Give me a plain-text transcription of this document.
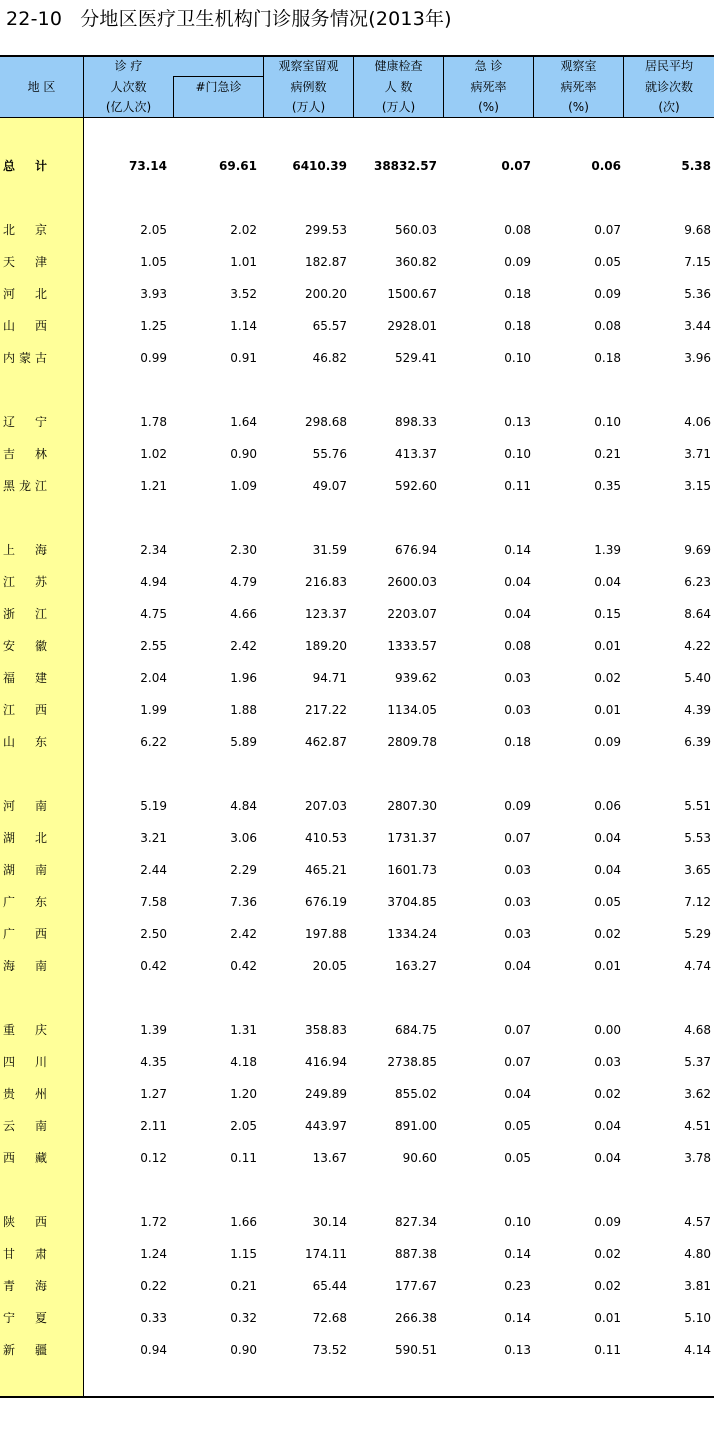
22-10 分地区医疗卫生机构门诊服务情况(2013年)
地 区
诊 疗
人次数
(亿人次)
#门急诊
观察室留观
病例数
(万人)
健康检查
人 数
(万人)
急 诊
病死率
(%)
观察室
病死率
(%)
居民平均
就诊次数
(次)
总 计	73.14	69.61	6410.39 38832.57	0.07	0.06	5.38
北 京	2.05	2.02	299.53	560.03	0.08	0.07	9.68
天 津	1.05	1.01	182.87	360.82	0.09	0.05	7.15
河 北	3.93	3.52	200.20	1500.67	0.18	0.09	5.36
山 西	1.25	1.14	65.57	2928.01	0.18	0.08	3.44
内蒙古	0.99	0.91	46.82	529.41	0.10	0.18	3.96
辽 宁	1.78	1.64	298.68	898.33	0.13	0.10	4.06
吉 林	1.02	0.90	55.76	413.37	0.10	0.21	3.71
黑龙江	1.21	1.09	49.07	592.60	0.11	0.35	3.15
上 海	2.34	2.30	31.59	676.94	0.14	1.39	9.69
江 苏	4.94	4.79	216.83	2600.03	0.04	0.04	6.23
浙 江	4.75	4.66	123.37	2203.07	0.04	0.15	8.64
安 徽	2.55	2.42	189.20	1333.57	0.08	0.01	4.22
福 建	2.04	1.96	94.71	939.62	0.03	0.02	5.40
江 西	1.99	1.88	217.22	1134.05	0.03	0.01	4.39
山 东	6.22	5.89	462.87	2809.78	0.18	0.09	6.39
河 南	5.19	4.84	207.03	2807.30	0.09	0.06	5.51
湖 北	3.21	3.06	410.53	1731.37	0.07	0.04	5.53
湖 南	2.44	2.29	465.21	1601.73	0.03	0.04	3.65
广 东	7.58	7.36	676.19	3704.85	0.03	0.05	7.12
广 西	2.50	2.42	197.88	1334.24	0.03	0.02	5.29
海 南	0.42	0.42	20.05	163.27	0.04	0.01	4.74
重 庆	1.39	1.31	358.83	684.75	0.07	0.00	4.68
四 川	4.35	4.18	416.94	2738.85	0.07	0.03	5.37
贵 州	1.27	1.20	249.89	855.02	0.04	0.02	3.62
云 南	2.11	2.05	443.97	891.00	0.05	0.04	4.51
西 藏	0.12	0.11	13.67	90.60	0.05	0.04	3.78
陕 西	1.72	1.66	30.14	827.34	0.10	0.09	4.57
甘 肃	1.24	1.15	174.11	887.38	0.14	0.02	4.80
青 海	0.22	0.21	65.44	177.67	0.23	0.02	3.81
宁 夏	0.33	0.32	72.68	266.38	0.14	0.01	5.10
新 疆	0.94	0.90	73.52	590.51	0.13	0.11	4.14
